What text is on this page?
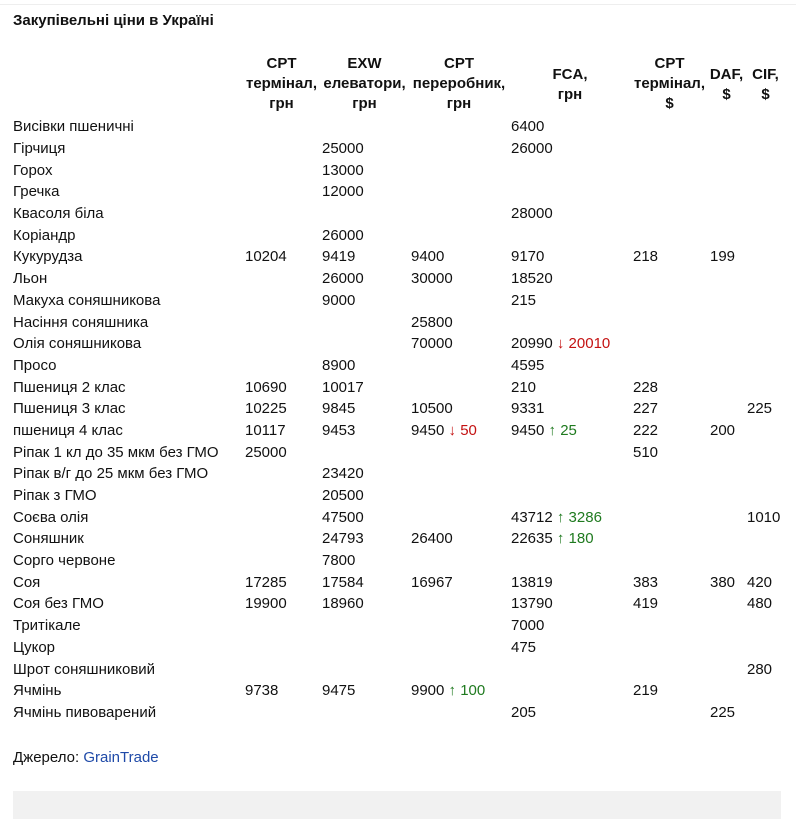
Закупівельні ціни в Україні

	CPT
термінал,
грн	EXW
елеватори,
грн	CPT
переробник,
грн	FCA,
грн	CPT
термінал,
$	DAF,
$	CIF,
$

Висівки пшеничні				6400			
Гірчиця		25000		26000			
Горох		13000					
Гречка		12000					
Квасоля біла				28000			
Коріандр		26000					
Кукурудза	10204	9419	9400	9170	218	199	
Льон		26000	30000	18520			
Макуха соняшникова		9000		215			
Насіння соняшника			25800				
Олія соняшникова			70000	20990 ↓ 20010			
Просо		8900		4595			
Пшениця 2 клас	10690	10017		210	228		
Пшениця 3 клас	10225	9845	10500	9331	227		225
пшениця 4 клас	10117	9453	9450 ↓ 50	9450 ↑ 25	222	200	
Ріпак 1 кл до 35 мкм без ГМО	25000				510		
Ріпак в/г до 25 мкм без ГМО		23420					
Ріпак з ГМО		20500					
Соєва олія		47500		43712 ↑ 3286			1010
Соняшник		24793	26400	22635 ↑ 180			
Сорго червоне		7800					
Соя	17285	17584	16967	13819	383	380	420
Соя без ГМО	19900	18960		13790	419		480
Тритікале				7000			
Цукор				475			
Шрот соняшниковий							280
Ячмінь	9738	9475	9900 ↑ 100		219		
Ячмінь пивоварений				205		225	
Джерело: GrainTrade
